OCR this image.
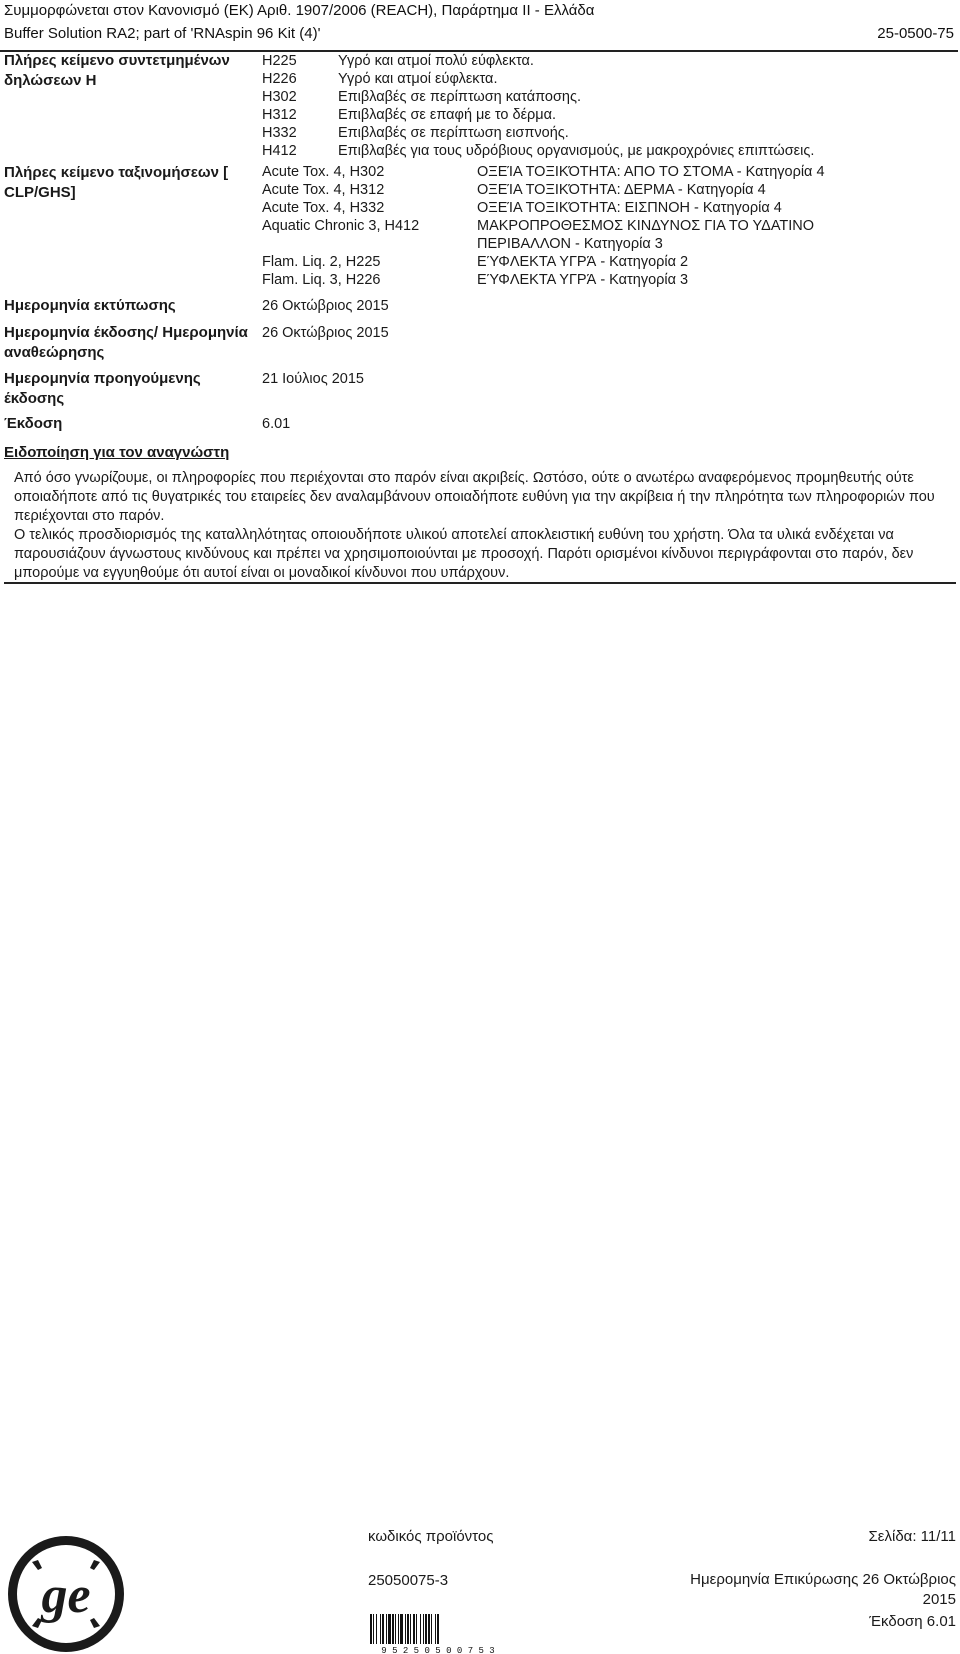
Συμμορφώνεται στον Κανονισμό (ΕΚ) Αριθ. 1907/2006 (REACH), Παράρτημα II - Ελλάδα
Buffer Solution RA2; part of 'RNAspin 96 Kit (4)'	25-0500-75
Πλήρες κείμενο συντετμημένων δηλώσεων Η
H225	Υγρό και ατμοί πολύ εύφλεκτα.
H226	Υγρό και ατμοί εύφλεκτα.
H302	Επιβλαβές σε περίπτωση κατάποσης.
H312	Επιβλαβές σε επαφή με το δέρμα.
H332	Επιβλαβές σε περίπτωση εισπνοής.
H412	Επιβλαβές για τους υδρόβιους οργανισμούς, με μακροχρόνιες επιπτώσεις.
Πλήρες κείμενο ταξινομήσεων [ CLP/GHS]
Acute Tox. 4, H302	ΟΞΕΊΑ ΤΟΞΙΚΌΤΗΤΑ: ΑΠΟ ΤΟ ΣΤΟΜΑ - Κατηγορία 4
Acute Tox. 4, H312	ΟΞΕΊΑ ΤΟΞΙΚΌΤΗΤΑ: ΔΕΡΜΑ - Κατηγορία 4
Acute Tox. 4, H332	ΟΞΕΊΑ ΤΟΞΙΚΌΤΗΤΑ: ΕΙΣΠΝΟΗ - Κατηγορία 4
Aquatic Chronic 3, H412	ΜΑΚΡΟΠΡΟΘΕΣΜΟΣ ΚΙΝΔΥΝΟΣ ΓΙΑ ΤΟ ΥΔΑΤΙΝΟ ΠΕΡΙΒΑΛΛΟΝ - Κατηγορία 3
Flam. Liq. 2, H225	ΕΎΦΛΕΚΤΑ ΥΓΡΆ - Κατηγορία 2
Flam. Liq. 3, H226	ΕΎΦΛΕΚΤΑ ΥΓΡΆ - Κατηγορία 3
Ημερομηνία εκτύπωσης	26 Οκτώβριος 2015
Ημερομηνία έκδοσης/ Ημερομηνία αναθεώρησης
26 Οκτώβριος 2015
Ημερομηνία προηγούμενης έκδοσης
21 Ιούλιος 2015
Έκδοση	6.01
Ειδοποίηση για τον αναγνώστη

Από όσο γνωρίζουμε, οι πληροφορίες που περιέχονται στο παρόν είναι ακριβείς. Ωστόσο, ούτε ο ανωτέρω αναφερόμενος προμηθευτής ούτε οποιαδήποτε από τις θυγατρικές του εταιρείες δεν αναλαμβάνουν οποιαδήποτε ευθύνη για την ακρίβεια ή την πληρότητα των πληροφοριών που περιέχονται στο παρόν.

Ο τελικός προσδιορισμός της καταλληλότητας οποιουδήποτε υλικού αποτελεί αποκλειστική ευθύνη του χρήστη. Όλα τα υλικά ενδέχεται να παρουσιάζουν άγνωστους κινδύνους και πρέπει να χρησιμοποιούνται με προσοχή. Παρότι ορισμένοι κίνδυνοι περιγράφονται στο παρόν, δεν μπορούμε να εγγυηθούμε ότι αυτοί είναι οι μοναδικοί κίνδυνοι που υπάρχουν.

ge
κωδικός προϊόντος
25050075-3
9 5 2 5 0 5 0 0 7 5 3
Σελίδα: 11/11
Ημερομηνία Επικύρωσης 26 Οκτώβριος 2015
Έκδοση 6.01
